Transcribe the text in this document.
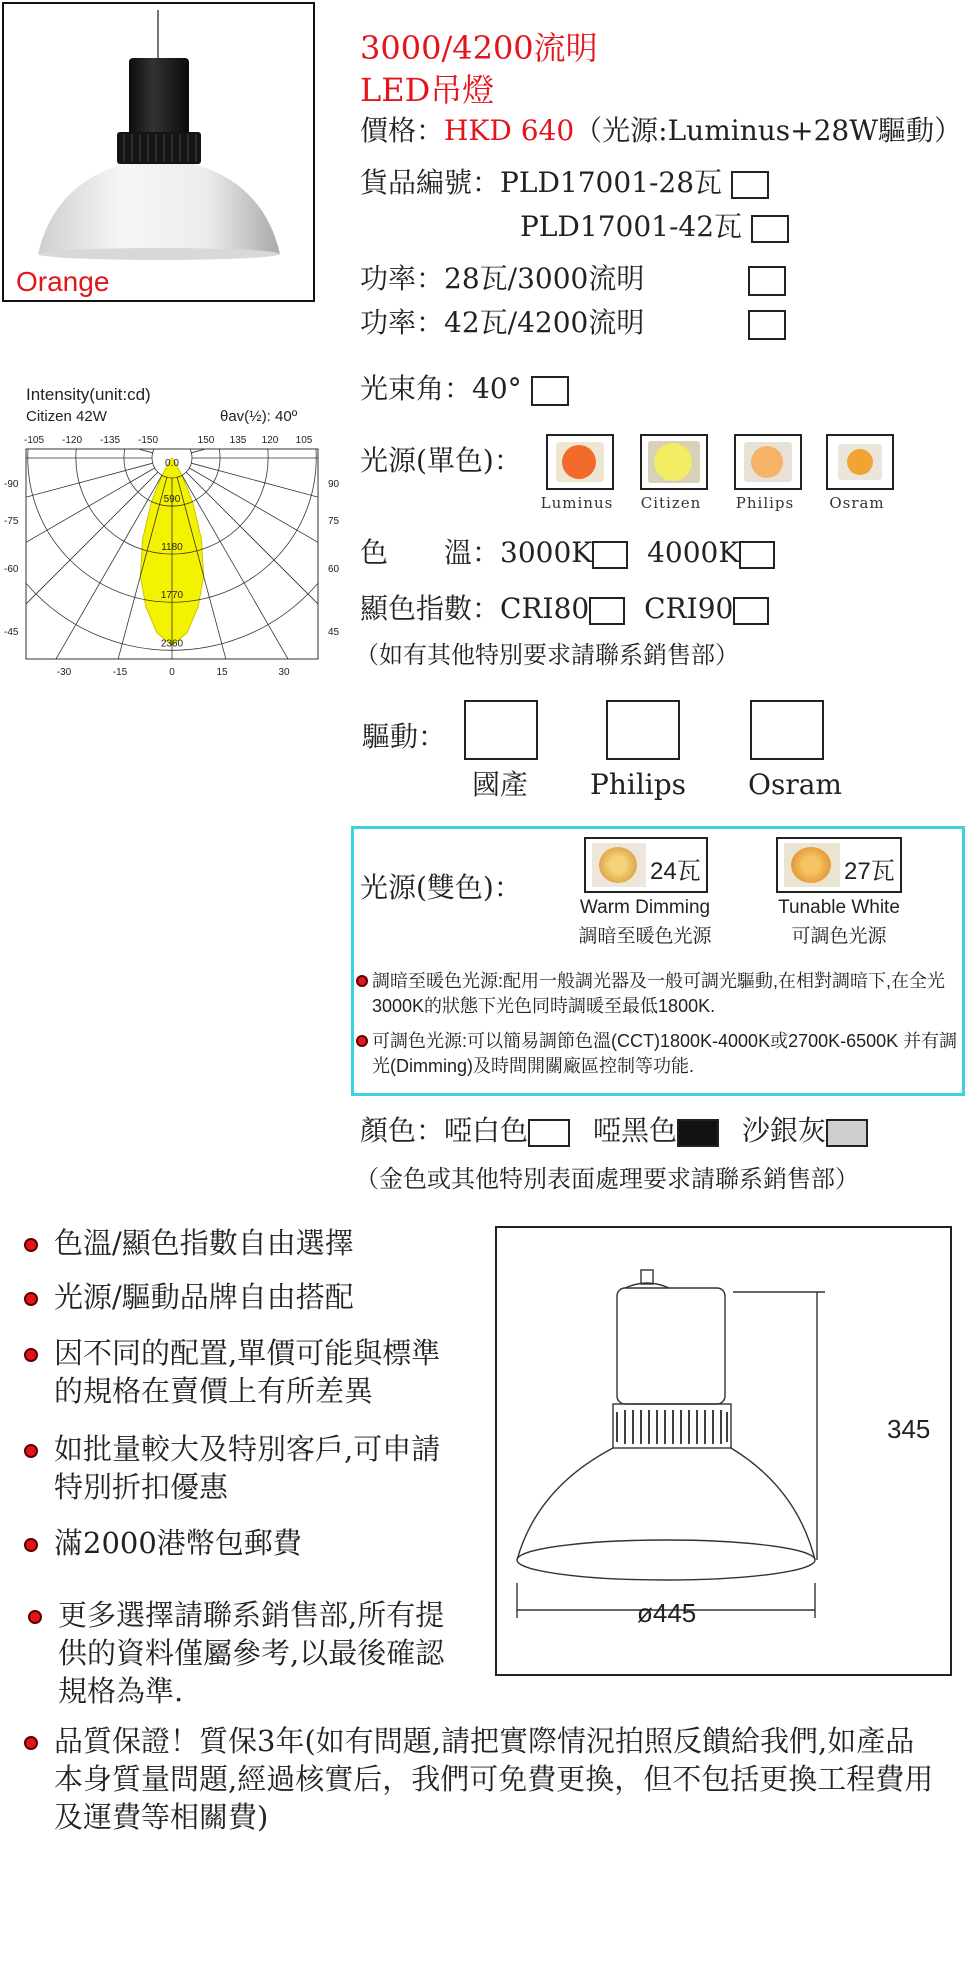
Orange
3000/4200流明
LED吊燈
價格：HKD 640（光源:Luminus+28W驅動）
貨品編號：PLD17001-28瓦
PLD17001-42瓦
功率：28瓦/3000流明
功率：42瓦/4200流明
光束角：40°
Intensity(unit:cd)
Citizen 42W	θav(½): 40º
0.0
590
1180
1770
2360
-105 -120 -135 -150	150 135 120 105
-90
-75
-60
-45
90
75
60
45
-30	-15	0	15	30
光源(單色)：
Luminus	Citizen	Philips	Osram
色　　溫：3000K 4000K
顯色指數：CRI80 CRI90
（如有其他特別要求請聯系銷售部）
驅動：
國產 Philips Osram
光源(雙色)：	24瓦
Warm Dimming
調暗至暖色光源
27瓦
Tunable White
可調色光源
調暗至暖色光源:配用一般調光器及一般可調光驅動,在相對調暗下,在全光3000K的狀態下光色同時調暖至最低1800K.
可調色光源:可以簡易調節色溫(CCT)1800K-4000K或2700K-6500K 并有調光(Dimming)及時間開關廠區控制等功能.
顏色：啞白色 啞黑色 沙銀灰
（金色或其他特別表面處理要求請聯系銷售部）
色溫/顯色指數自由選擇
光源/驅動品牌自由搭配
因不同的配置,單價可能與標準的規格在賣價上有所差異
如批量較大及特別客戶,可申請特別折扣優惠
滿2000港幣包郵費
更多選擇請聯系銷售部,所有提供的資料僅屬參考,以最後確認規格為準.
345
ø445
品質保證！質保3年(如有問題,請把實際情況拍照反饋給我們,如產品本身質量問題,經過核實后，我們可免費更換，但不包括更換工程費用及運費等相關費)
